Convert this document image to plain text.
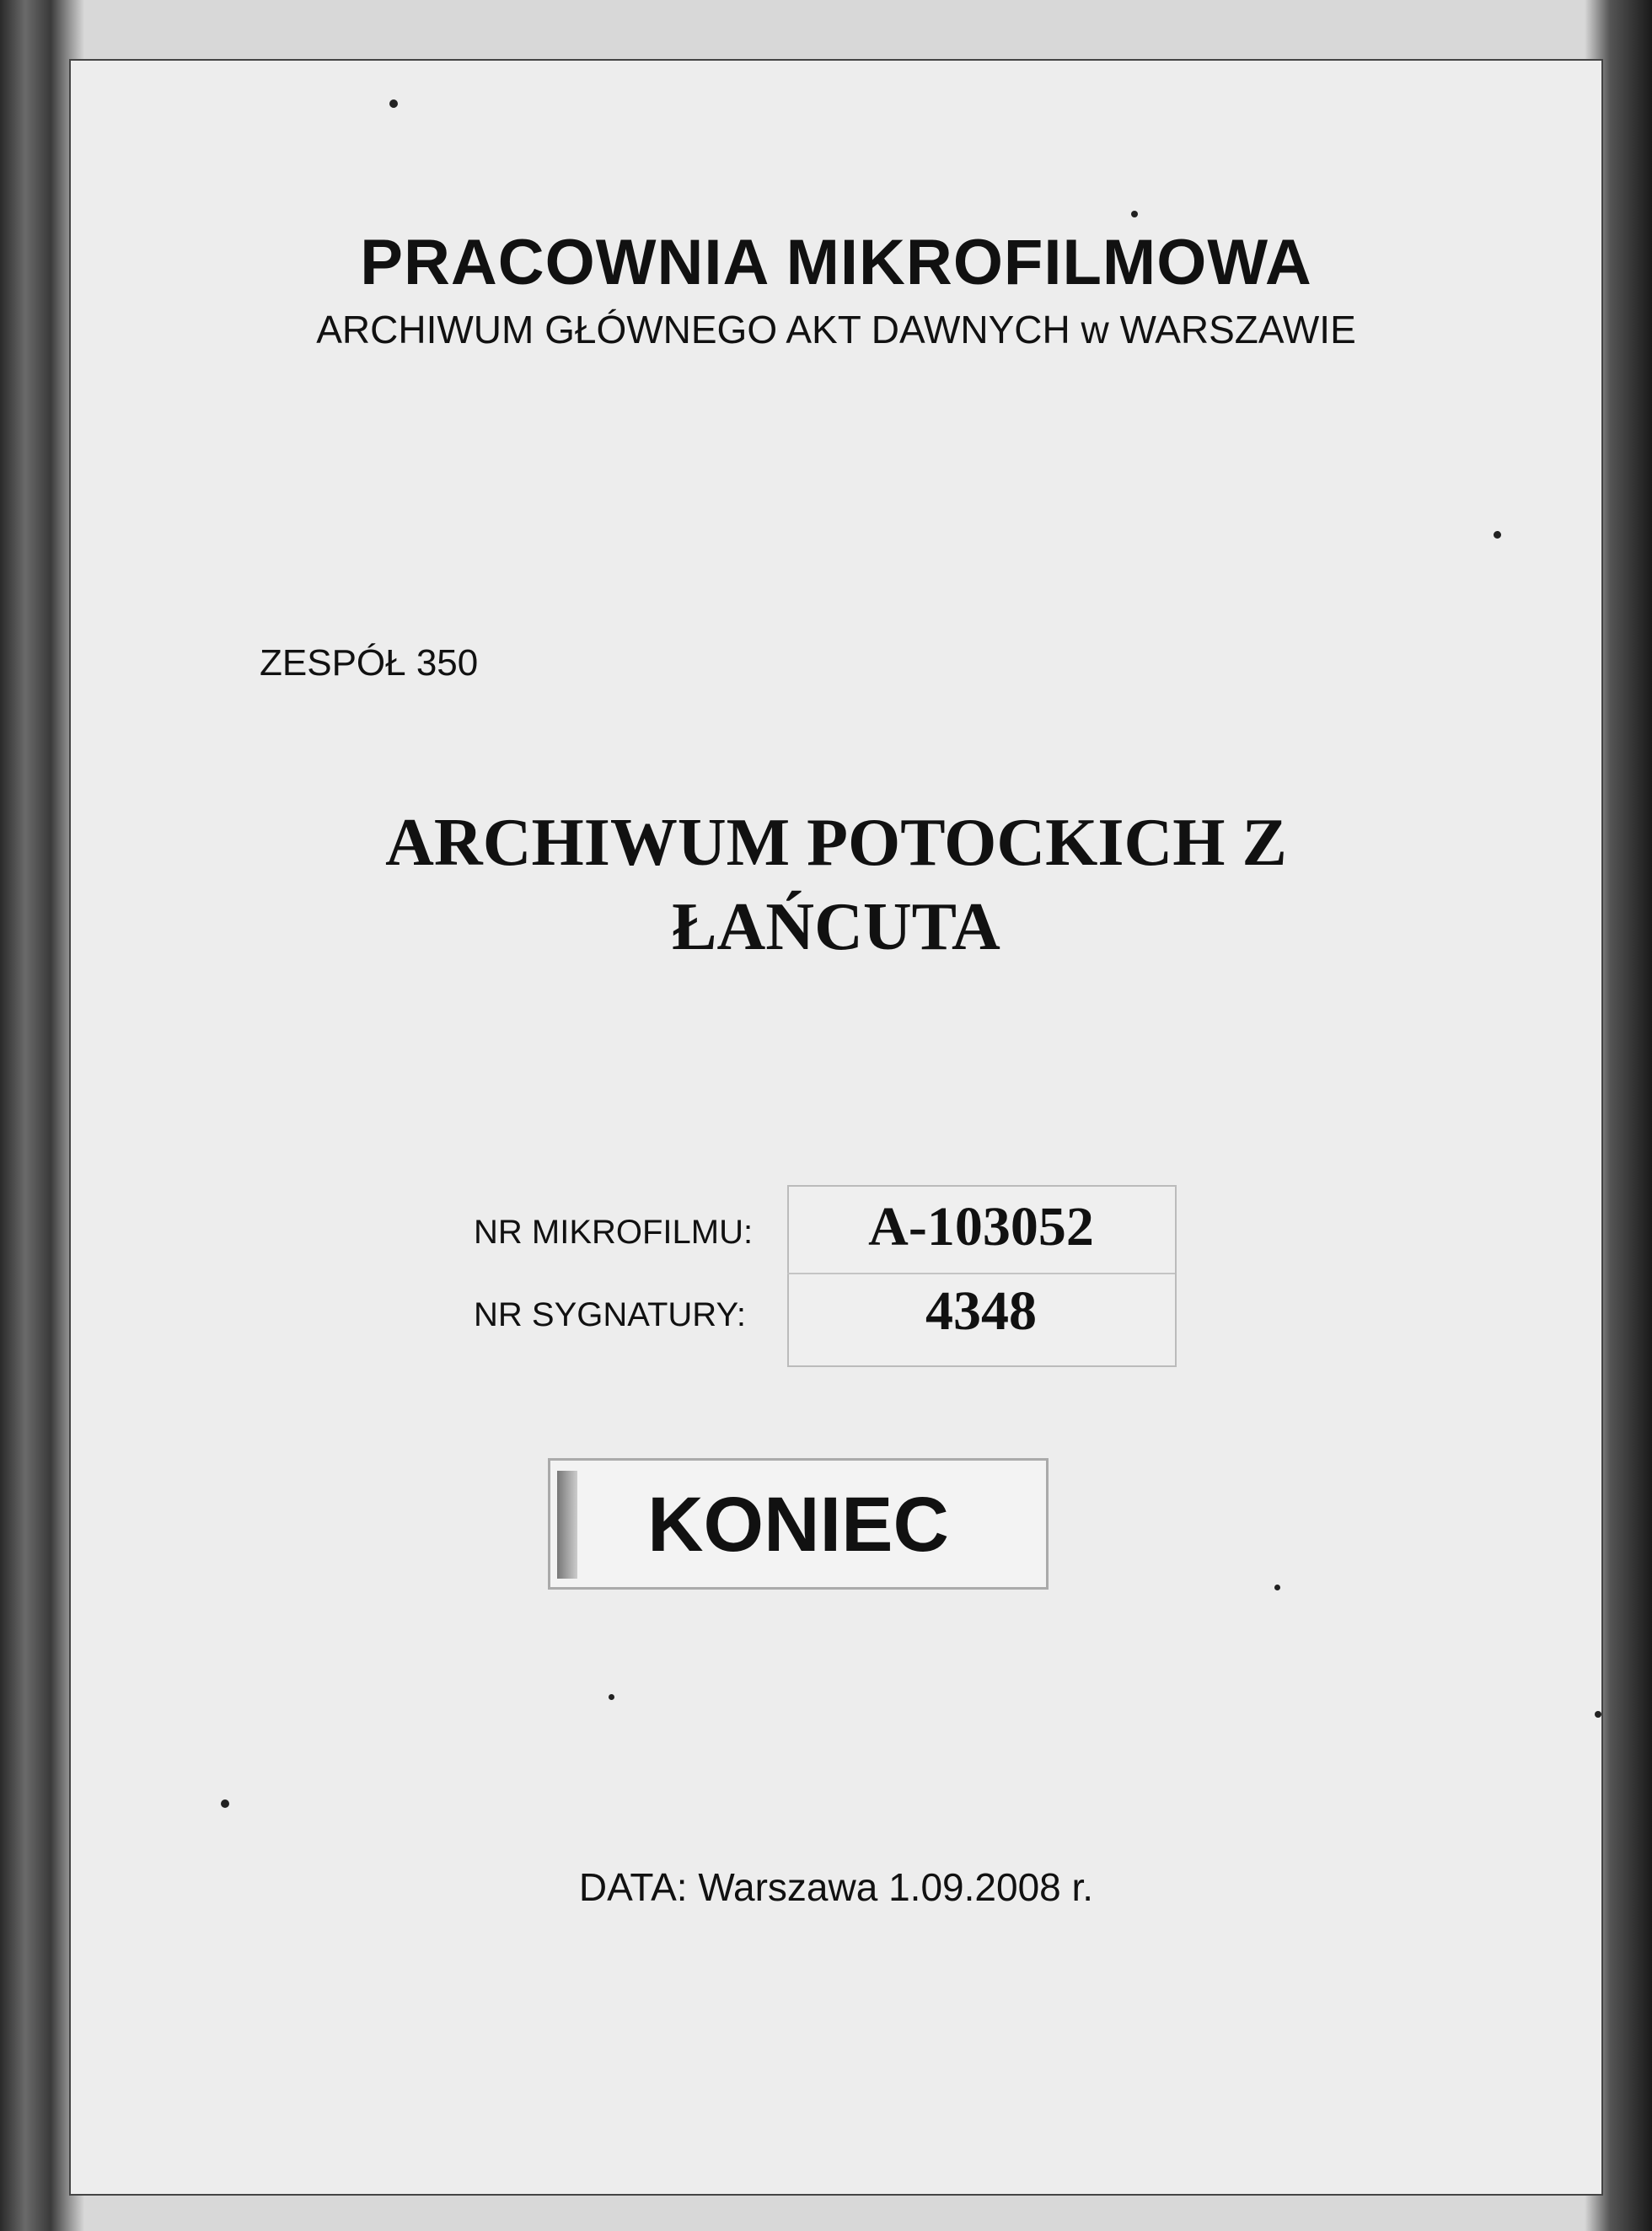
PRACOWNIA MIKROFILMOWA
ARCHIWUM GŁÓWNEGO AKT DAWNYCH w WARSZAWIE
ZESPÓŁ 350
ARCHIWUM POTOCKICH Z
ŁAŃCUTA
NR MIKROFILMU:	A-103052
NR SYGNATURY:	4348
KONIEC
DATA: Warszawa 1.09.2008 r.
